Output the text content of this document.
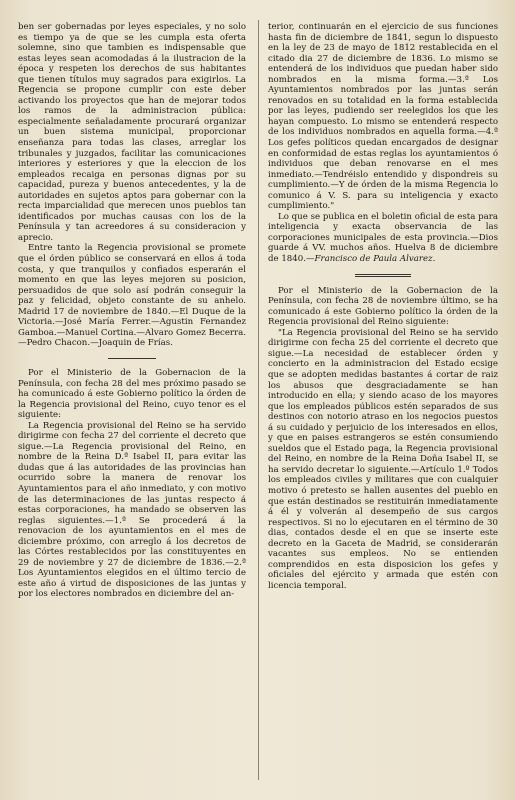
ben ser gobernadas por leyes especiales, y no solo es tiempo ya de que se les cumpla esta oferta solemne, sino que tambien es indispensable que estas leyes sean acomodadas á la ilustracion de la época y respeten los derechos de sus habitantes que tienen títulos muy sagrados para exigirlos. La Regencia se propone cumplir con este deber activando los proyectos que han de mejorar todos los ramos de la administracion pública: especialmente señaladamente procurará organizar un buen sistema municipal, proporcionar enseñanza para todas las clases, arreglar los tribunales y juzgados, facilitar las comunicaciones interiores y esteriores y que la eleccion de los empleados recaiga en personas dignas por su capacidad, pureza y buenos antecedentes, y la de autoridades en sujetos aptos para gobernar con la recta imparcialidad que merecen unos pueblos tan identificados por muchas causas con los de la Península y tan acreedores á su consideracion y aprecio.

Entre tanto la Regencia provisional se promete que el órden público se conservará en ellos á toda costa, y que tranquilos y confiados esperarán el momento en que las leyes mejoren su posicion, persuadidos de que solo así podrán conseguir la paz y felicidad, objeto constante de su anhelo. Madrid 17 de noviembre de 1840.—El Duque de la Victoria.—José María Ferrer.—Agustin Fernandez Gamboa.—Manuel Cortina.—Alvaro Gomez Becerra.—Pedro Chacon.—Joaquin de Frías.

Por el Ministerio de la Gobernacion de la Península, con fecha 28 del mes próximo pasado se ha comunicado á este Gobierno político la órden de la Regencia provisional del Reino, cuyo tenor es el siguiente:

La Regencia provisional del Reino se ha servido dirigirme con fecha 27 del corriente el decreto que sigue.—La Regencia provisional del Reino, en nombre de la Reina D.ª Isabel II, para evitar las dudas que á las autoridades de las provincias han ocurrido sobre la manera de renovar los Ayuntamientos para el año inmediato, y con motivo de las determinaciones de las juntas respecto á estas corporaciones, ha mandado se observen las reglas siguientes.—1.ª Se procederá á la renovacion de los ayuntamientos en el mes de diciembre próximo, con arreglo á los decretos de las Córtes restablecidos por las constituyentes en 29 de noviembre y 27 de diciembre de 1836.—2.ª Los Ayuntamientos elegidos en el último tercio de este año á virtud de disposiciones de las juntas y por los electores nombrados en diciembre del an-

terior, continuarán en el ejercicio de sus funciones hasta fin de diciembre de 1841, segun lo dispuesto en la ley de 23 de mayo de 1812 restablecida en el citado dia 27 de diciembre de 1836. Lo mismo se entenderá de los individuos que puedan haber sido nombrados en la misma forma.—3.ª Los Ayuntamientos nombrados por las juntas serán renovados en su totalidad en la forma establecida por las leyes, pudiendo ser reelegidos los que les hayan compuesto. Lo mismo se entenderá respecto de los individuos nombrados en aquella forma.—4.ª Los gefes políticos quedan encargados de designar en conformidad de estas reglas los ayuntamientos ó individuos que deban renovarse en el mes inmediato.—Tendréislo entendido y dispondreis su cumplimiento.—Y de órden de la misma Regencia lo comunico á V. S. para su inteligencia y exacto cumplimiento."

Lo que se publica en el boletin oficial de esta para inteligencia y exacta observancia de las corporaciones municipales de esta provincia.—Dios guarde á VV. muchos años. Huelva 8 de diciembre de 1840.—Francisco de Paula Alvarez.

Por el Ministerio de la Gobernacion de la Península, con fecha 28 de noviembre último, se ha comunicado á este Gobierno político la órden de la Regencia provisional del Reino siguiente:

"La Regencia provisional del Reino se ha servido dirigirme con fecha 25 del corriente el decreto que sigue.—La necesidad de establecer órden y concierto en la administracion del Estado ecsige que se adopten medidas bastantes á cortar de raiz los abusos que desgraciadamente se han introducido en ella; y siendo acaso de los mayores que los empleados públicos estén separados de sus destinos con notorio atraso en los negocios puestos á su cuidado y perjuicio de los interesados en ellos, y que en paises estrangeros se estén consumiendo sueldos que el Estado paga, la Regencia provisional del Reino, en nombre de la Reina Doña Isabel II, se ha servido decretar lo siguiente.—Artículo 1.º Todos los empleados civiles y militares que con cualquier motivo ó pretesto se hallen ausentes del pueblo en que están destinados se restituirán inmediatamente á él y volverán al desempeño de sus cargos respectivos. Si no lo ejecutaren en el término de 30 dias, contados desde el en que se inserte este decreto en la Gaceta de Madrid, se considerarán vacantes sus empleos. No se entienden comprendidos en esta disposicion los gefes y oficiales del ejército y armada que estén con licencia temporal.
